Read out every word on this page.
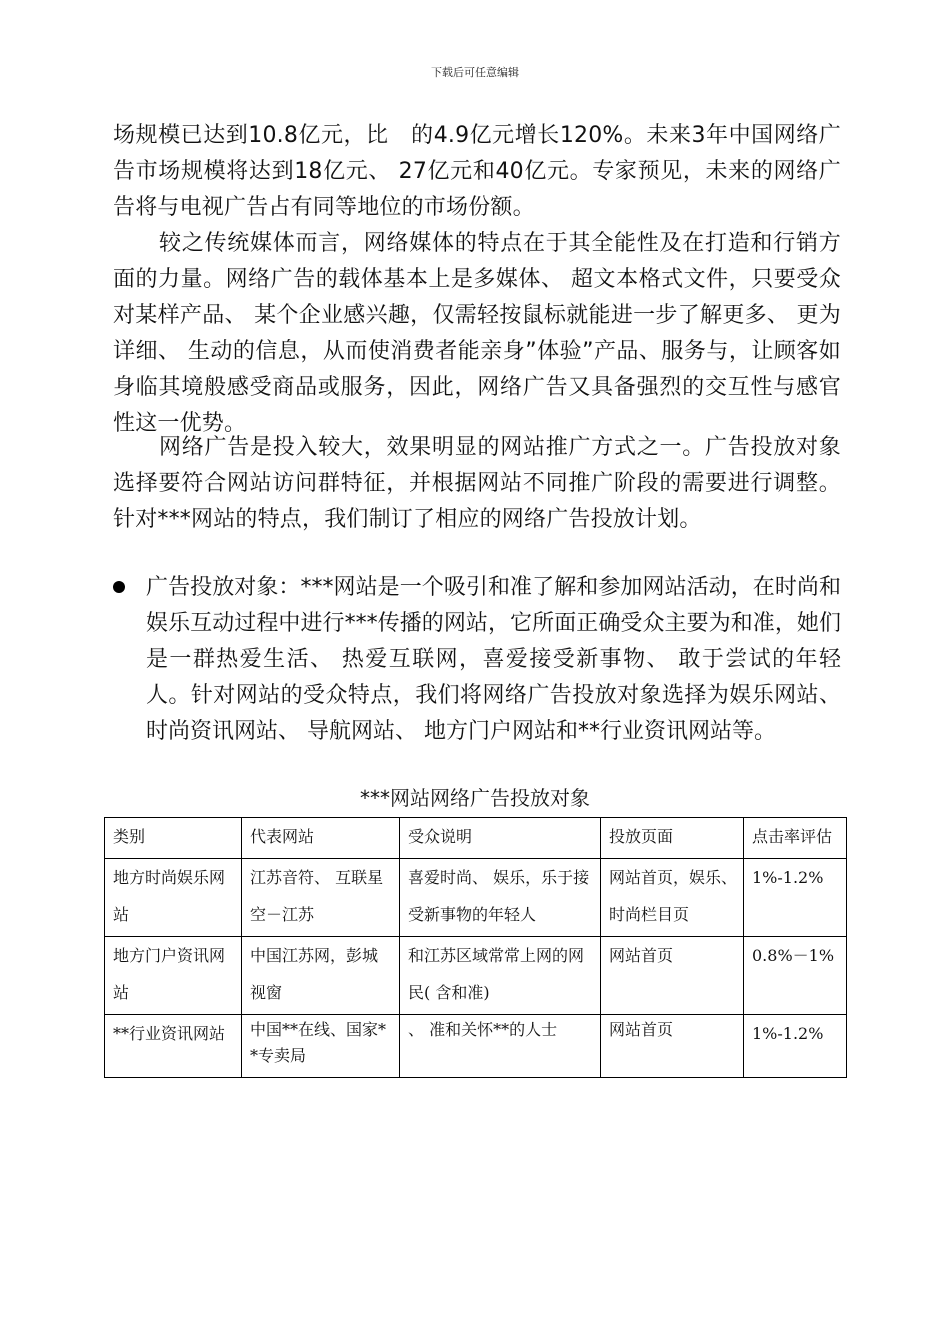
下载后可任意编辑

场规模已达到10.8亿元，比　的4.9亿元增长120%。未来3年中国网络广告市场规模将达到18亿元、 27亿元和40亿元。专家预见，未来的网络广告将与电视广告占有同等地位的市场份额。

较之传统媒体而言，网络媒体的特点在于其全能性及在打造和行销方面的力量。网络广告的载体基本上是多媒体、 超文本格式文件，只要受众对某样产品、 某个企业感兴趣，仅需轻按鼠标就能进一步了解更多、 更为详细、 生动的信息，从而使消费者能亲身”体验”产品、服务与，让顾客如身临其境般感受商品或服务，因此，网络广告又具备强烈的交互性与感官性这一优势。

网络广告是投入较大，效果明显的网站推广方式之一。广告投放对象选择要符合网站访问群特征，并根据网站不同推广阶段的需要进行调整。针对***网站的特点，我们制订了相应的网络广告投放计划。

广告投放对象：***网站是一个吸引和准了解和参加网站活动，在时尚和娱乐互动过程中进行***传播的网站，它所面正确受众主要为和准，她们是一群热爱生活、 热爱互联网，喜爱接受新事物、 敢于尝试的年轻人。针对网站的受众特点，我们将网络广告投放对象选择为娱乐网站、 时尚资讯网站、 导航网站、 地方门户网站和**行业资讯网站等。

***网站网络广告投放对象
类别	代表网站	受众说明	投放页面	点击率评估
地方时尚娱乐网站	江苏音符、 互联星空－江苏	喜爱时尚、 娱乐，乐于接受新事物的年轻人	网站首页，娱乐、 时尚栏目页	1%-1.2%
地方门户资讯网站	中国江苏网，彭城视窗	和江苏区域常常上网的网民( 含和准)	网站首页	0.8%－1%
**行业资讯网站	中国**在线、国家**专卖局	、 准和关怀**的人士	网站首页	1%-1.2%
